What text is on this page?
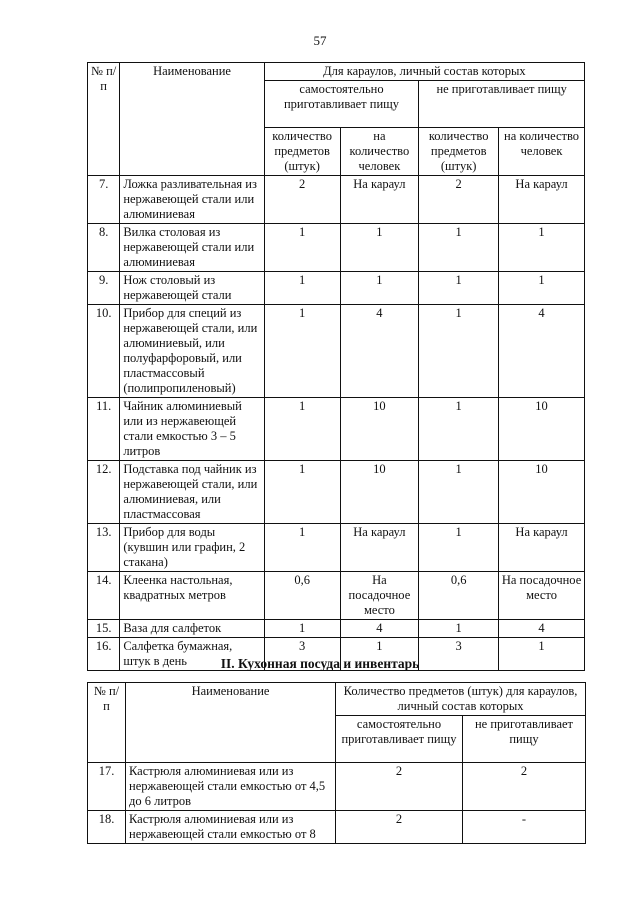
57
№ п/п	Наименование	Для караулов, личный состав которых			
		самостоятельно приготавливает пищу		не приготавливает пищу	
		количество предметов (штук)	на количество человек	количество предметов (штук)	на количество человек
7.	Ложка разливательная из нержавеющей стали или алюминиевая	2	На караул	2	На караул
8.	Вилка столовая из нержавеющей стали или алюминиевая	1	1	1	1
9.	Нож столовый из нержавеющей стали	1	1	1	1
10.	Прибор для специй из нержавеющей стали, или алюминиевый, или полуфарфоровый, или пластмассовый (полипропиленовый)	1	4	1	4
11.	Чайник алюминиевый или из нержавеющей стали емкостью 3 – 5 литров	1	10	1	10
12.	Подставка под чайник из нержавеющей стали, или алюминиевая, или пластмассовая	1	10	1	10
13.	Прибор для воды (кувшин или графин, 2 стакана)	1	На караул	1	На караул
14.	Клеенка настольная, квадратных метров	0,6	На посадочное место	0,6	На посадочное место
15.	Ваза для салфеток	1	4	1	4
16.	Салфетка бумажная, штук в день	3	1	3	1
II. Кухонная посуда и инвентарь
№ п/п	Наименование	Количество предметов (штук) для караулов, личный состав которых	
		самостоятельно приготавливает пищу	не приготавливает пищу
17.	Кастрюля алюминиевая или из нержавеющей стали емкостью от 4,5 до 6 литров	2	2
18.	Кастрюля алюминиевая или из нержавеющей стали емкостью от 8	2	-
